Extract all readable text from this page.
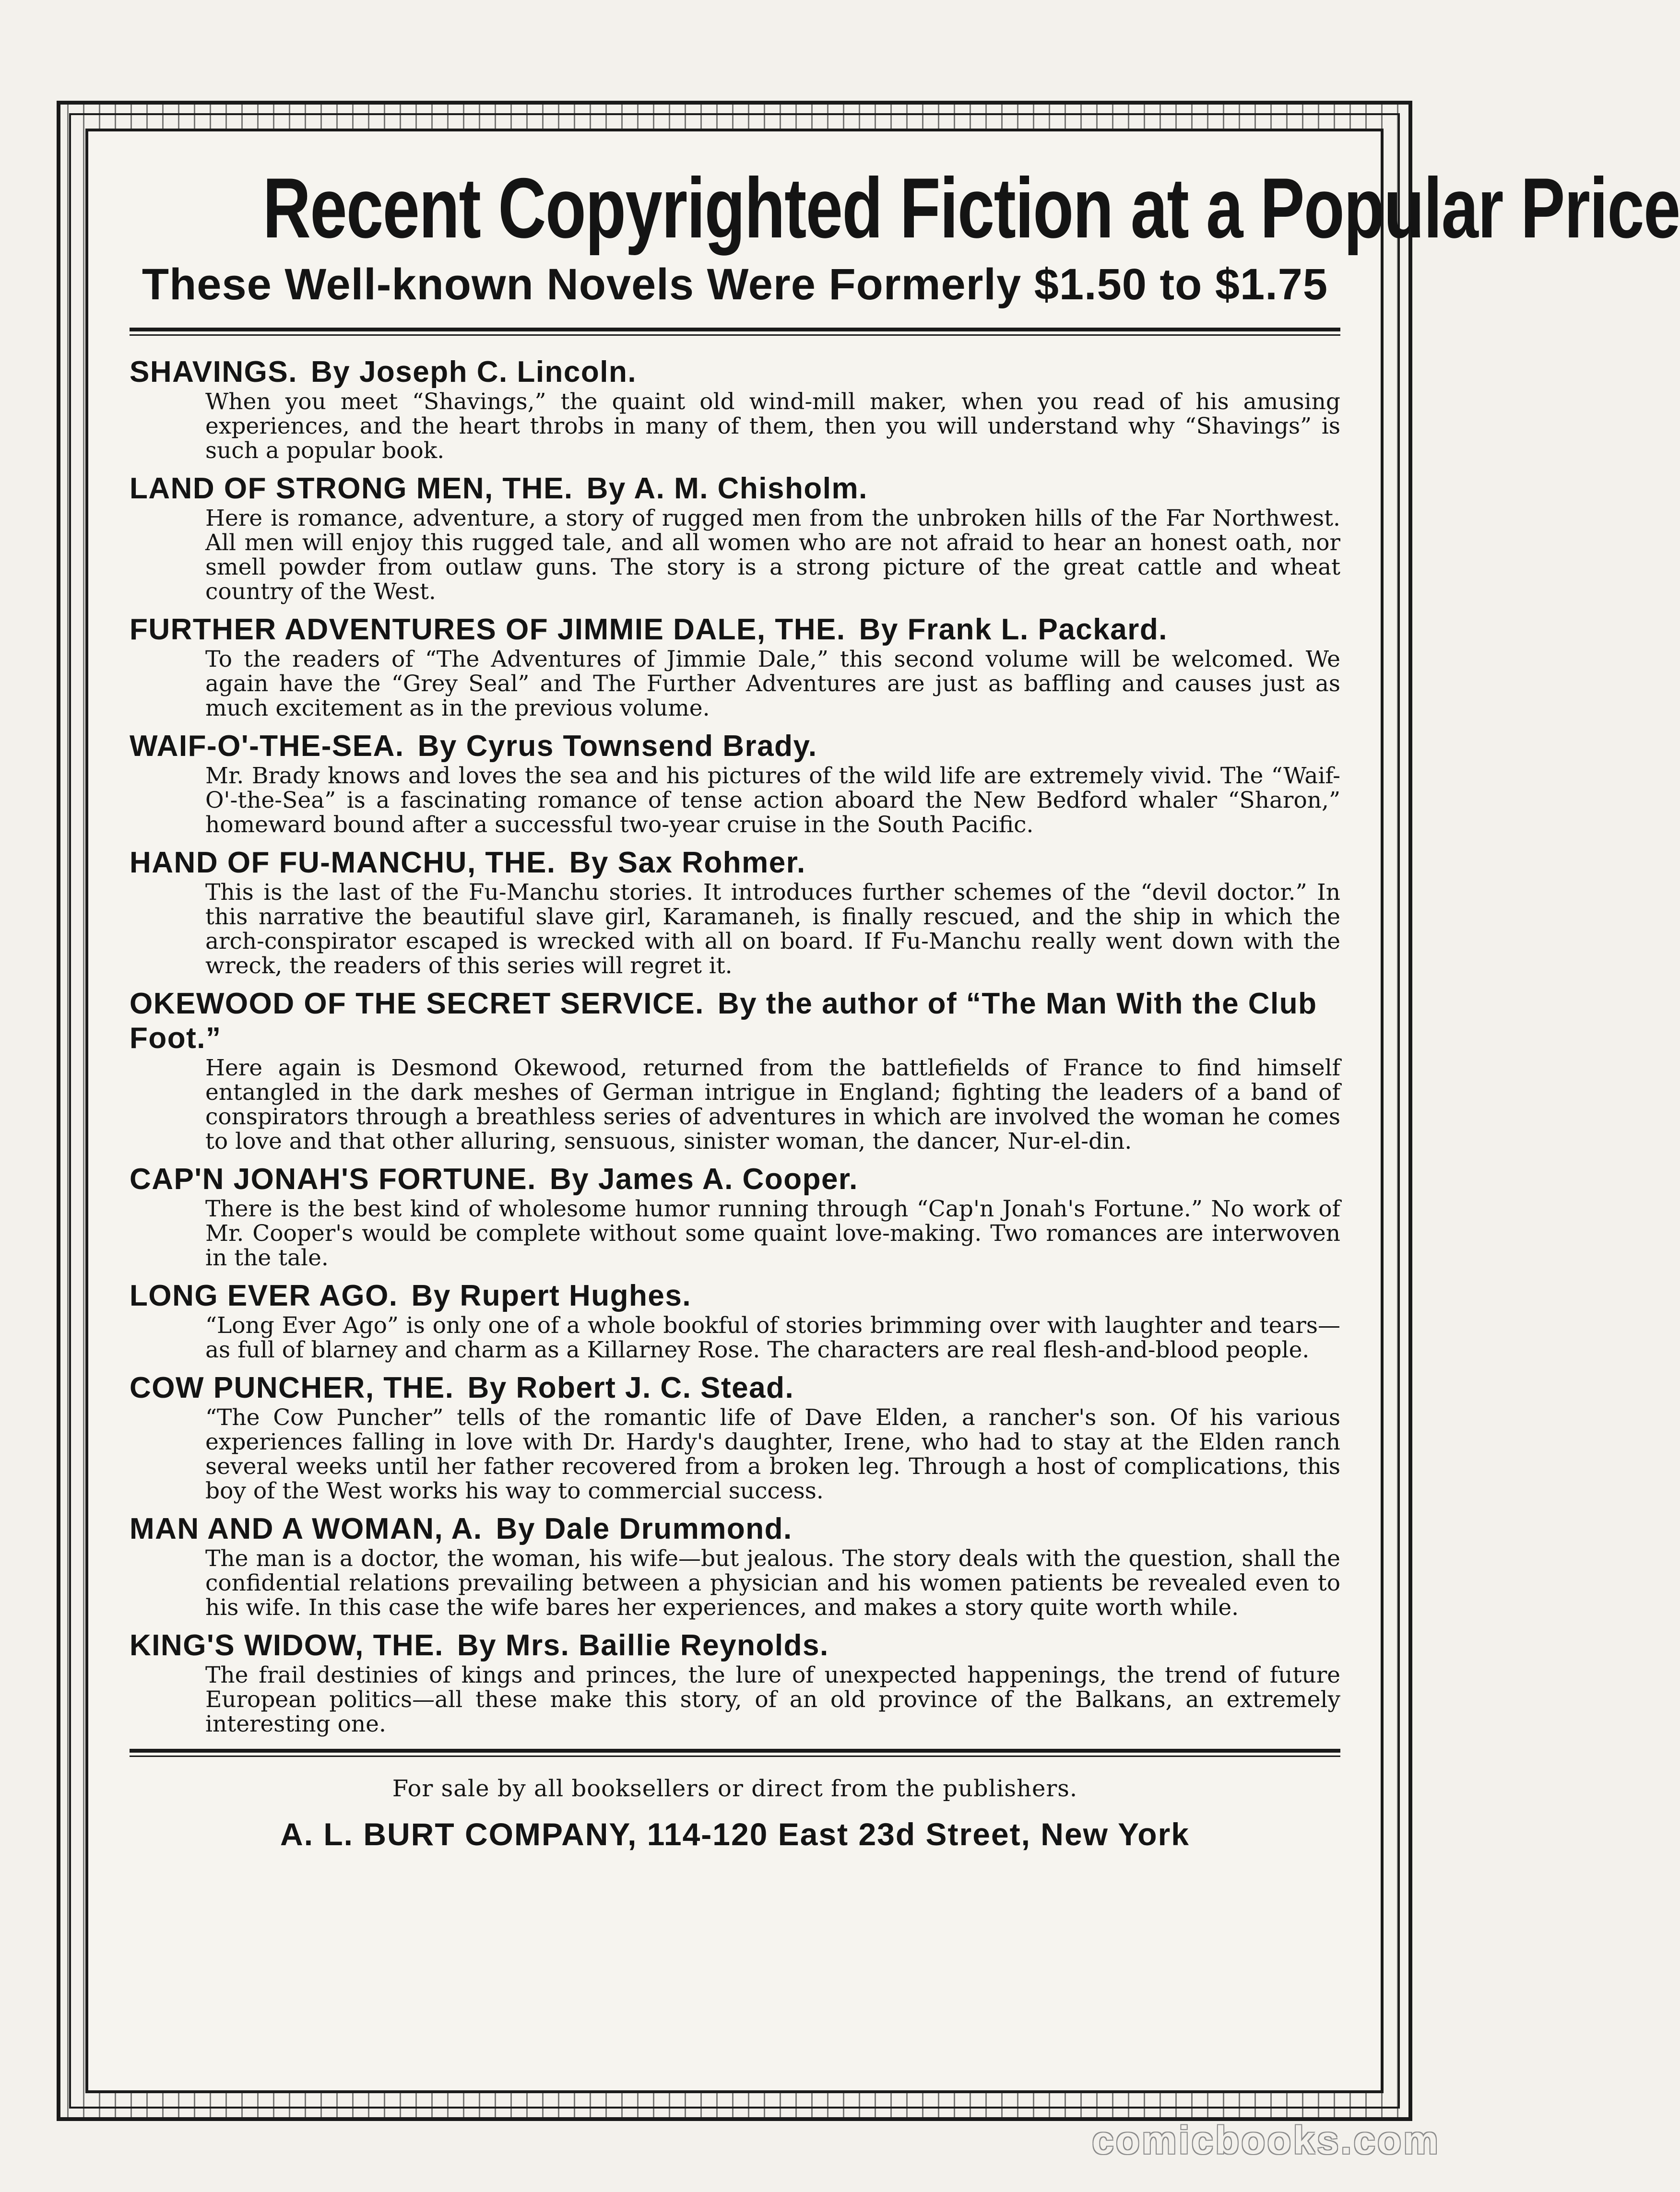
Recent Copyrighted Fiction at a Popular Price
These Well-known Novels Were Formerly $1.50 to $1.75
SHAVINGS. By Joseph C. Lincoln.
When you meet “Shavings,” the quaint old wind-mill maker, when you read of his amusing experiences, and the heart throbs in many of them, then you will understand why “Shavings” is such a popular book.
LAND OF STRONG MEN, THE. By A. M. Chisholm.
Here is romance, adventure, a story of rugged men from the unbroken hills of the Far Northwest. All men will enjoy this rugged tale, and all women who are not afraid to hear an honest oath, nor smell powder from outlaw guns. The story is a strong picture of the great cattle and wheat country of the West.
FURTHER ADVENTURES OF JIMMIE DALE, THE. By Frank L. Packard.
To the readers of “The Adventures of Jimmie Dale,” this second volume will be welcomed. We again have the “Grey Seal” and The Further Adventures are just as baffling and causes just as much excitement as in the previous volume.
WAIF-O'-THE-SEA. By Cyrus Townsend Brady.
Mr. Brady knows and loves the sea and his pictures of the wild life are extremely vivid. The “Waif-O'-the-Sea” is a fascinating romance of tense action aboard the New Bedford whaler “Sharon,” homeward bound after a successful two-year cruise in the South Pacific.
HAND OF FU-MANCHU, THE. By Sax Rohmer.
This is the last of the Fu-Manchu stories. It introduces further schemes of the “devil doctor.” In this narrative the beautiful slave girl, Karamaneh, is finally rescued, and the ship in which the arch-conspirator escaped is wrecked with all on board. If Fu-Manchu really went down with the wreck, the readers of this series will regret it.
OKEWOOD OF THE SECRET SERVICE. By the author of “The Man With the Club Foot.”
Here again is Desmond Okewood, returned from the battlefields of France to find himself entangled in the dark meshes of German intrigue in England; fighting the leaders of a band of conspirators through a breathless series of adventures in which are involved the woman he comes to love and that other alluring, sensuous, sinister woman, the dancer, Nur-el-din.
CAP'N JONAH'S FORTUNE. By James A. Cooper.
There is the best kind of wholesome humor running through “Cap'n Jonah's Fortune.” No work of Mr. Cooper's would be complete without some quaint love-making. Two romances are interwoven in the tale.
LONG EVER AGO. By Rupert Hughes.
“Long Ever Ago” is only one of a whole bookful of stories brimming over with laughter and tears—as full of blarney and charm as a Killarney Rose. The characters are real flesh-and-blood people.
COW PUNCHER, THE. By Robert J. C. Stead.
“The Cow Puncher” tells of the romantic life of Dave Elden, a rancher's son. Of his various experiences falling in love with Dr. Hardy's daughter, Irene, who had to stay at the Elden ranch several weeks until her father recovered from a broken leg. Through a host of complications, this boy of the West works his way to commercial success.
MAN AND A WOMAN, A. By Dale Drummond.
The man is a doctor, the woman, his wife—but jealous. The story deals with the question, shall the confidential relations prevailing between a physician and his women patients be revealed even to his wife. In this case the wife bares her experiences, and makes a story quite worth while.
KING'S WIDOW, THE. By Mrs. Baillie Reynolds.
The frail destinies of kings and princes, the lure of unexpected happenings, the trend of future European politics—all these make this story, of an old province of the Balkans, an extremely interesting one.
For sale by all booksellers or direct from the publishers.
A. L. BURT COMPANY, 114-120 East 23d Street, New York
comicbooks.com
